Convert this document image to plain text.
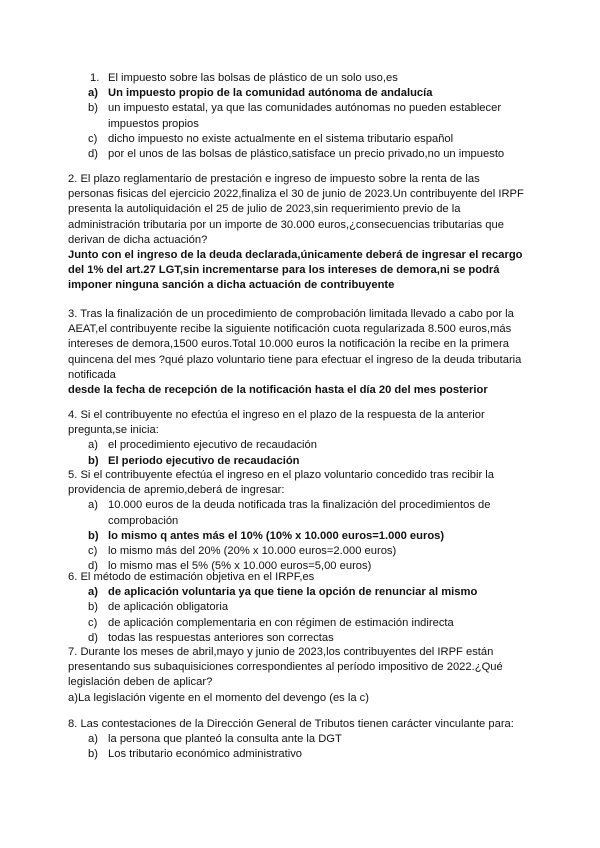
1. El impuesto sobre las bolsas de plástico de un solo uso,es
a) Un impuesto propio de la comunidad autónoma de andalucía
b) un impuesto estatal, ya que las comunidades autónomas no pueden establecer impuestos propios
c) dicho impuesto no existe actualmente en el sistema tributario español
d) por el unos de las bolsas de plástico,satisface un precio privado,no un impuesto
2. El plazo reglamentario de prestación e ingreso de impuesto sobre la renta de las personas fisicas del ejercicio 2022,finaliza el 30 de junio de 2023.Un contribuyente del IRPF presenta la autoliquidación el 25 de julio de 2023,sin requerimiento previo de la administración tributaria por un importe de 30.000 euros,¿consecuencias tributarias que derivan de dicha actuación?
Junto con el ingreso de la deuda declarada,únicamente deberá de ingresar el recargo del 1% del art.27 LGT,sin incrementarse para los intereses de demora,ni se podrá imponer ninguna sanción a dicha actuación de contribuyente
3. Tras la finalización de un procedimiento de comprobación limitada llevado a cabo por la AEAT,el contribuyente recibe la siguiente notificación cuota regularizada 8.500 euros,más intereses de demora,1500 euros.Total 10.000 euros la notificación la recibe en la primera quincena del mes ?qué plazo voluntario tiene para efectuar el ingreso de la deuda tributaria notificada
desde la fecha de recepción de la notificación hasta el día 20 del mes posterior
4. Si el contribuyente no efectúa el ingreso en el plazo de la respuesta de la anterior pregunta,se inicia:
a) el procedimiento ejecutivo de recaudación
b) El periodo ejecutivo de recaudación
5. Si el contribuyente efectúa el ingreso en el plazo voluntario concedido tras recibir la providencia de apremio,deberá de ingresar:
a) 10.000 euros de la deuda notificada tras la finalización del procedimientos de comprobación
b) lo mismo q antes más el 10% (10% x 10.000 euros=1.000 euros)
c) lo mismo más del 20% (20% x 10.000 euros=2.000 euros)
d) lo mismo mas el 5% (5% x 10.000 euros=5,00 euros)
6. El método de estimación objetiva en el IRPF,es
a) de aplicación voluntaria ya que tiene la opción de renunciar al mismo
b) de aplicación obligatoria
c) de aplicación complementaria en con régimen de estimación indirecta
d) todas las respuestas anteriores son correctas
7. Durante los meses de abril,mayo y junio de 2023,los contribuyentes del IRPF están presentando sus subaquisiciones correspondientes al período impositivo de 2022.¿Qué legislación deben de aplicar?
a)La legislación vigente en el momento del devengo (es la c)
8. Las contestaciones de la Dirección General de Tributos tienen carácter vinculante para:
a) la persona que planteó la consulta ante la DGT
b) Los tributario económico administrativo
